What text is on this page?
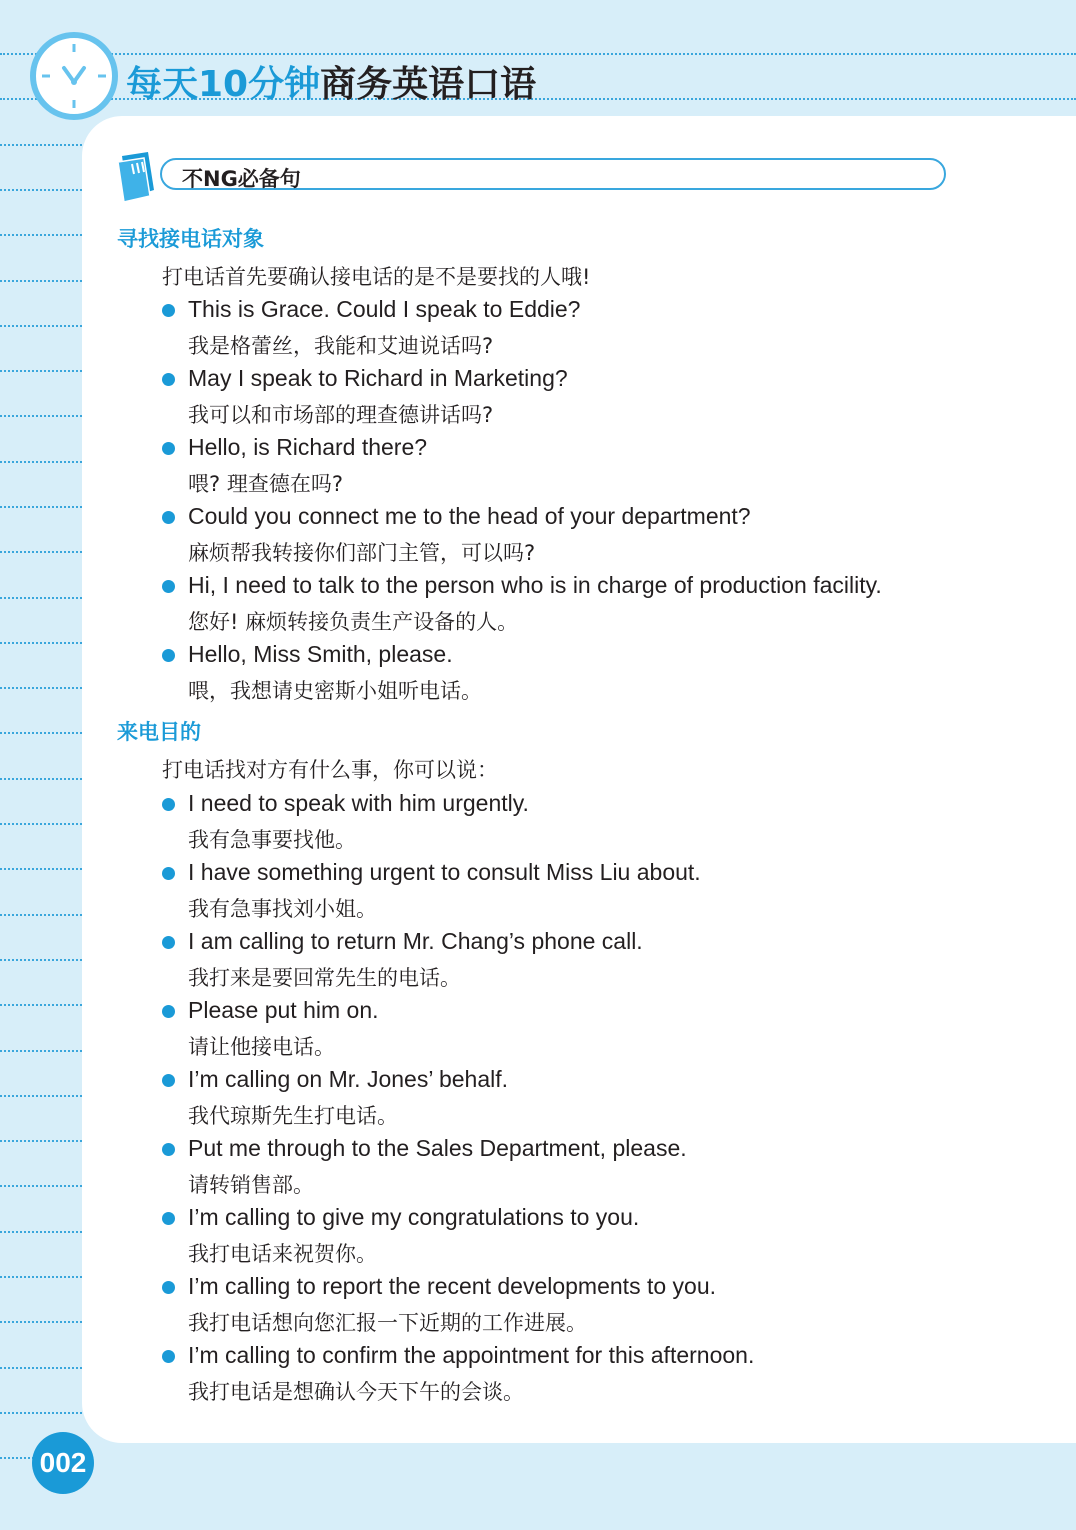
每天10分钟商务英语口语
不NG必备句
寻找接电话对象
打电话首先要确认接电话的是不是要找的人哦!
This is Grace. Could I speak to Eddie?
我是格蕾丝，我能和艾迪说话吗?
May I speak to Richard in Marketing?
我可以和市场部的理查德讲话吗?
Hello, is Richard there?
喂? 理查德在吗?
Could you connect me to the head of your department?
麻烦帮我转接你们部门主管，可以吗?
Hi, I need to talk to the person who is in charge of production facility.
您好! 麻烦转接负责生产设备的人。
Hello, Miss Smith, please.
喂，我想请史密斯小姐听电话。
来电目的
打电话找对方有什么事，你可以说：
I need to speak with him urgently.
我有急事要找他。
I have something urgent to consult Miss Liu about.
我有急事找刘小姐。
I am calling to return Mr. Chang’s phone call.
我打来是要回常先生的电话。
Please put him on.
请让他接电话。
I’m calling on Mr. Jones’ behalf.
我代琼斯先生打电话。
Put me through to the Sales Department, please.
请转销售部。
I’m calling to give my congratulations to you.
我打电话来祝贺你。
I’m calling to report the recent developments to you.
我打电话想向您汇报一下近期的工作进展。
I’m calling to confirm the appointment for this afternoon.
我打电话是想确认今天下午的会谈。
002
